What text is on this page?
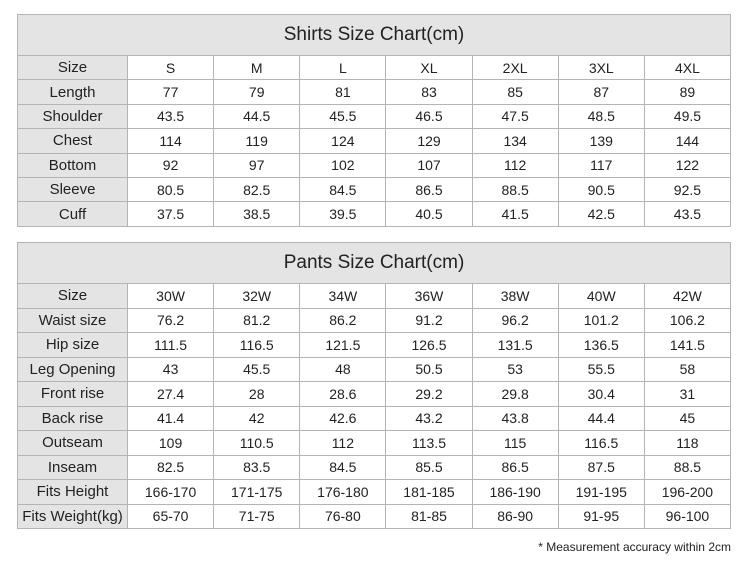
Shirts Size Chart(cm)							
Size	S	M	L	XL	2XL	3XL	4XL
Length	77	79	81	83	85	87	89
Shoulder	43.5	44.5	45.5	46.5	47.5	48.5	49.5
Chest	114	119	124	129	134	139	144
Bottom	92	97	102	107	112	117	122
Sleeve	80.5	82.5	84.5	86.5	88.5	90.5	92.5
Cuff	37.5	38.5	39.5	40.5	41.5	42.5	43.5
Pants Size Chart(cm)							
Size	30W	32W	34W	36W	38W	40W	42W
Waist size	76.2	81.2	86.2	91.2	96.2	101.2	106.2
Hip size	111.5	116.5	121.5	126.5	131.5	136.5	141.5
Leg Opening	43	45.5	48	50.5	53	55.5	58
Front rise	27.4	28	28.6	29.2	29.8	30.4	31
Back rise	41.4	42	42.6	43.2	43.8	44.4	45
Outseam	109	110.5	112	113.5	115	116.5	118
Inseam	82.5	83.5	84.5	85.5	86.5	87.5	88.5
Fits Height	166-170	171-175	176-180	181-185	186-190	191-195	196-200
Fits Weight(kg)	65-70	71-75	76-80	81-85	86-90	91-95	96-100
* Measurement accuracy within 2cm
